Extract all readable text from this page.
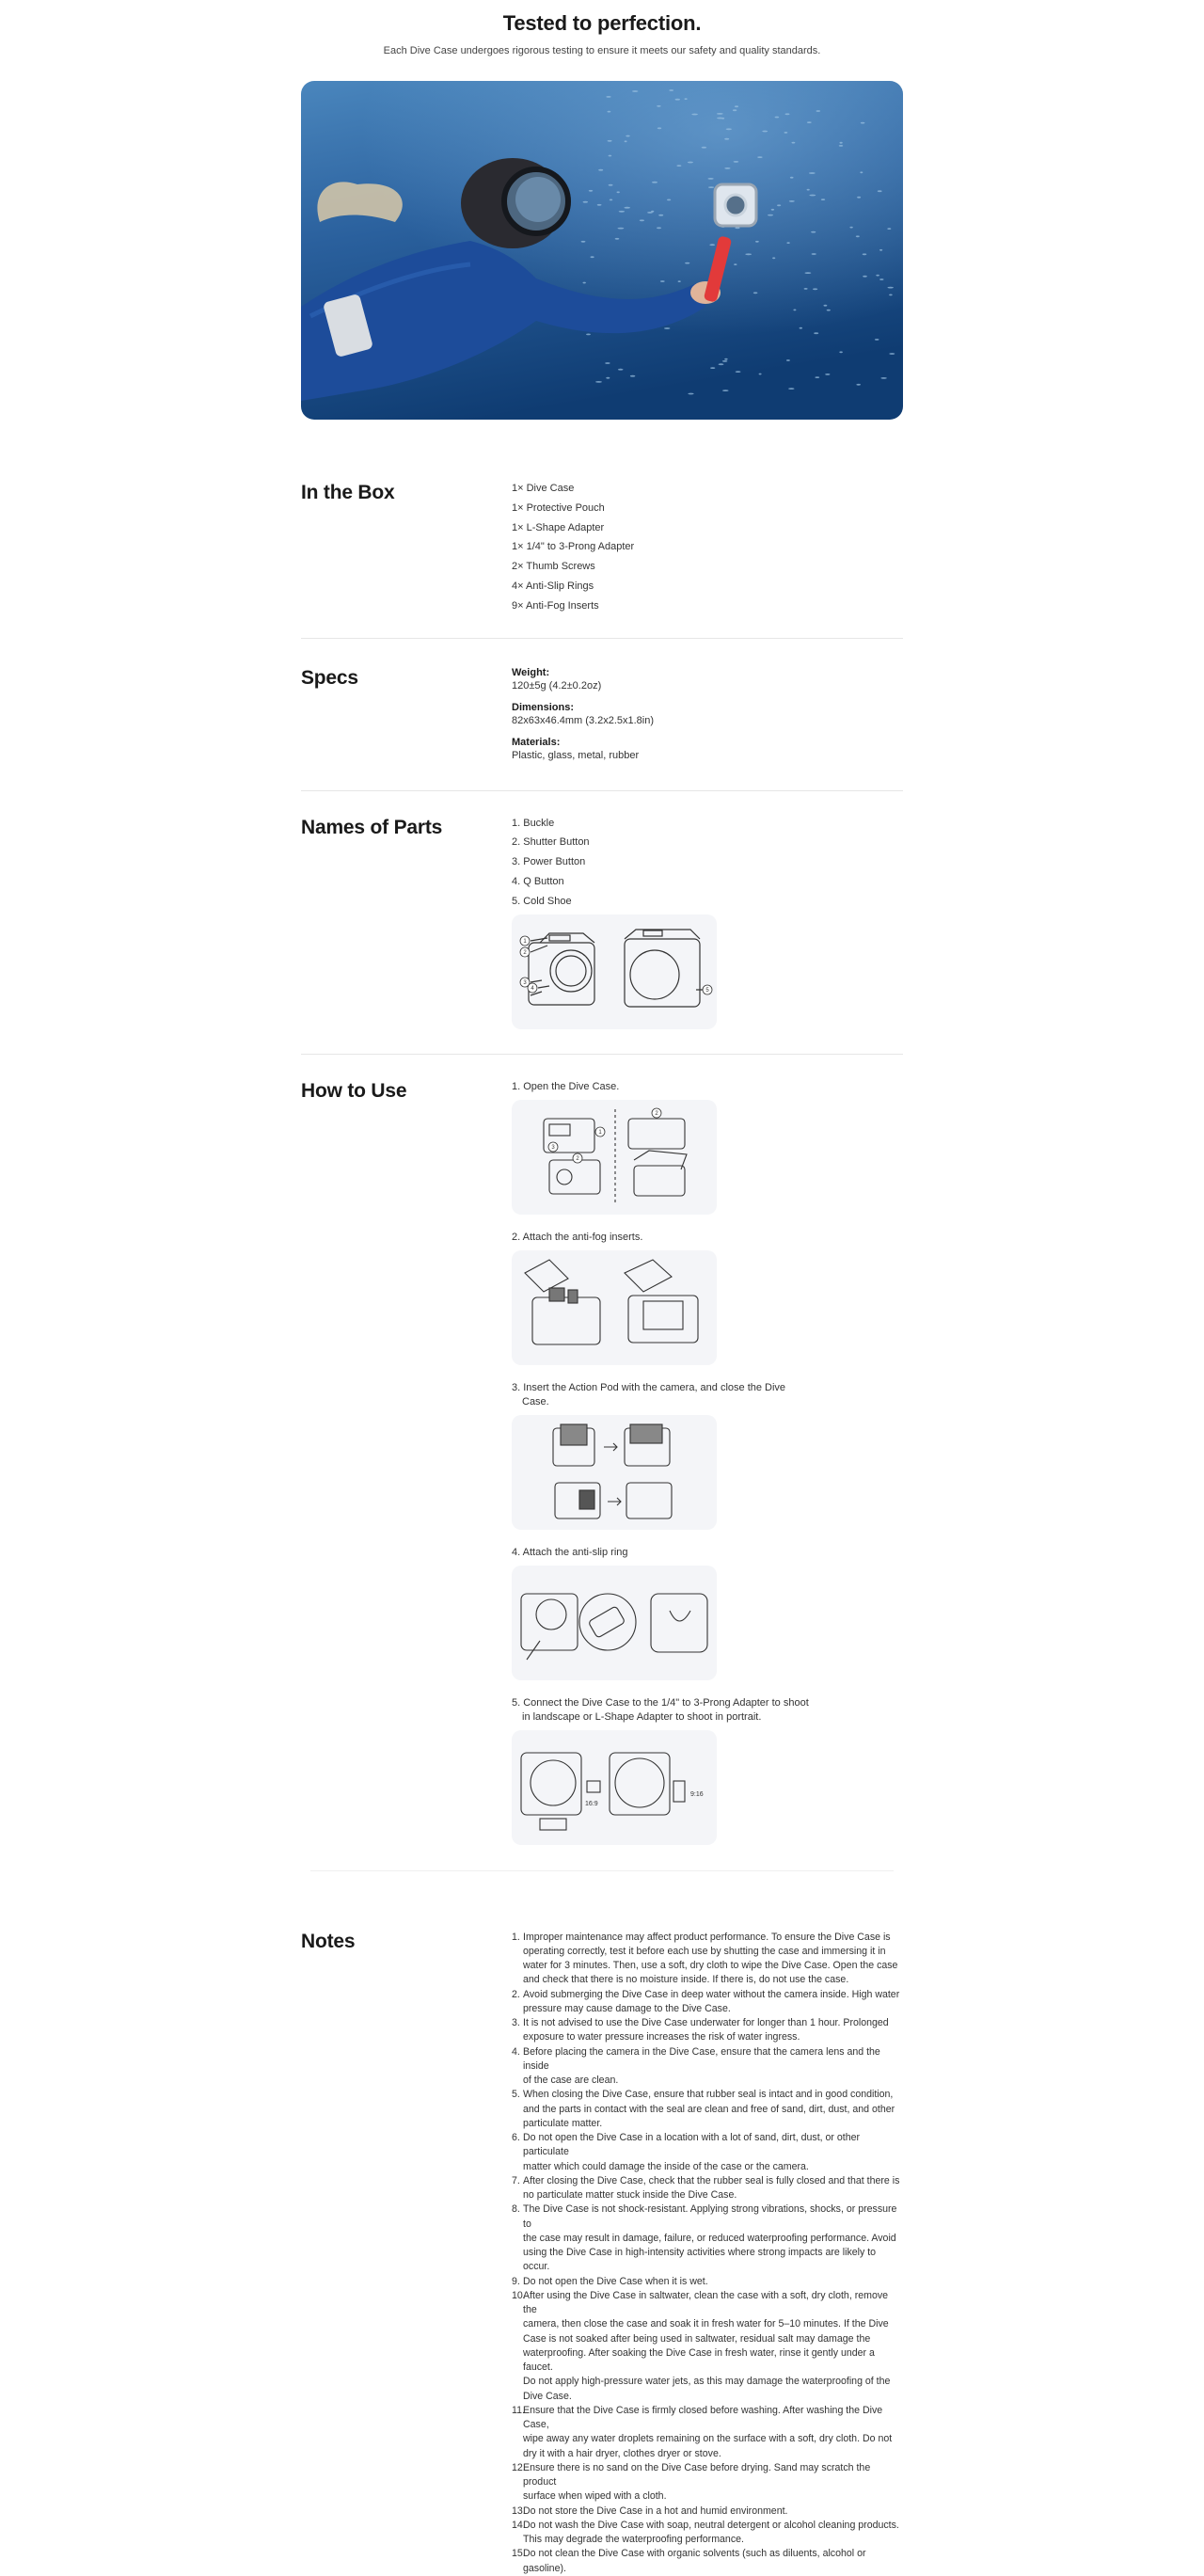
Tested to perfection.

Each Dive Case undergoes rigorous testing to ensure it meets our safety and quality standards.

In the Box	1× Dive Case
1× Protective Pouch
1× L-Shape Adapter
1× 1/4" to 3-Prong Adapter
2× Thumb Screws
4× Anti-Slip Rings
9× Anti-Fog Inserts
Specs	Weight:
120±5g (4.2±0.2oz)
Dimensions:
82x63x46.4mm (3.2x2.5x1.8in)
Materials:
Plastic, glass, metal, rubber
Names of Parts	1. Buckle
2. Shutter Button
3. Power Button
4. Q Button
5. Cold Shoe
1
2
3
4	5
How to Use	1. Open the Dive Case.
1
2
3
2
2. Attach the anti-fog inserts.
3. Insert the Action Pod with the camera, and close the Dive
Case.
4. Attach the anti-slip ring
5. Connect the Dive Case to the 1/4" to 3-Prong Adapter to shoot
in landscape or L-Shape Adapter to shoot in portrait.
16:9
9:16
Notes	1. Improper maintenance may affect product performance. To ensure the Dive Case is
operating correctly, test it before each use by shutting the case and immersing it in
water for 3 minutes. Then, use a soft, dry cloth to wipe the Dive Case. Open the case
and check that there is no moisture inside. If there is, do not use the case.
2. Avoid submerging the Dive Case in deep water without the camera inside. High water
pressure may cause damage to the Dive Case.
3. It is not advised to use the Dive Case underwater for longer than 1 hour. Prolonged
exposure to water pressure increases the risk of water ingress.
4. Before placing the camera in the Dive Case, ensure that the camera lens and the inside
of the case are clean.
5. When closing the Dive Case, ensure that rubber seal is intact and in good condition,
and the parts in contact with the seal are clean and free of sand, dirt, dust, and other
particulate matter.
6. Do not open the Dive Case in a location with a lot of sand, dirt, dust, or other particulate
matter which could damage the inside of the case or the camera.
7. After closing the Dive Case, check that the rubber seal is fully closed and that there is
no particulate matter stuck inside the Dive Case.
8. The Dive Case is not shock-resistant. Applying strong vibrations, shocks, or pressure to
the case may result in damage, failure, or reduced waterproofing performance. Avoid
using the Dive Case in high-intensity activities where strong impacts are likely to occur.
9. Do not open the Dive Case when it is wet.
10.
After using the Dive Case in saltwater, clean the case with a soft, dry cloth, remove the
camera, then close the case and soak it in fresh water for 5–10 minutes. If the Dive
Case is not soaked after being used in saltwater, residual salt may damage the
waterproofing. After soaking the Dive Case in fresh water, rinse it gently under a faucet.
Do not apply high-pressure water jets, as this may damage the waterproofing of the
Dive Case.
11.
Ensure that the Dive Case is firmly closed before washing. After washing the Dive Case,
wipe away any water droplets remaining on the surface with a soft, dry cloth. Do not
dry it with a hair dryer, clothes dryer or stove.
12.
Ensure there is no sand on the Dive Case before drying. Sand may scratch the product
surface when wiped with a cloth.
13.
Do not store the Dive Case in a hot and humid environment.
14.
Do not wash the Dive Case with soap, neutral detergent or alcohol cleaning products.
This may degrade the waterproofing performance.
15.
Do not clean the Dive Case with organic solvents (such as diluents, alcohol or
gasoline).
